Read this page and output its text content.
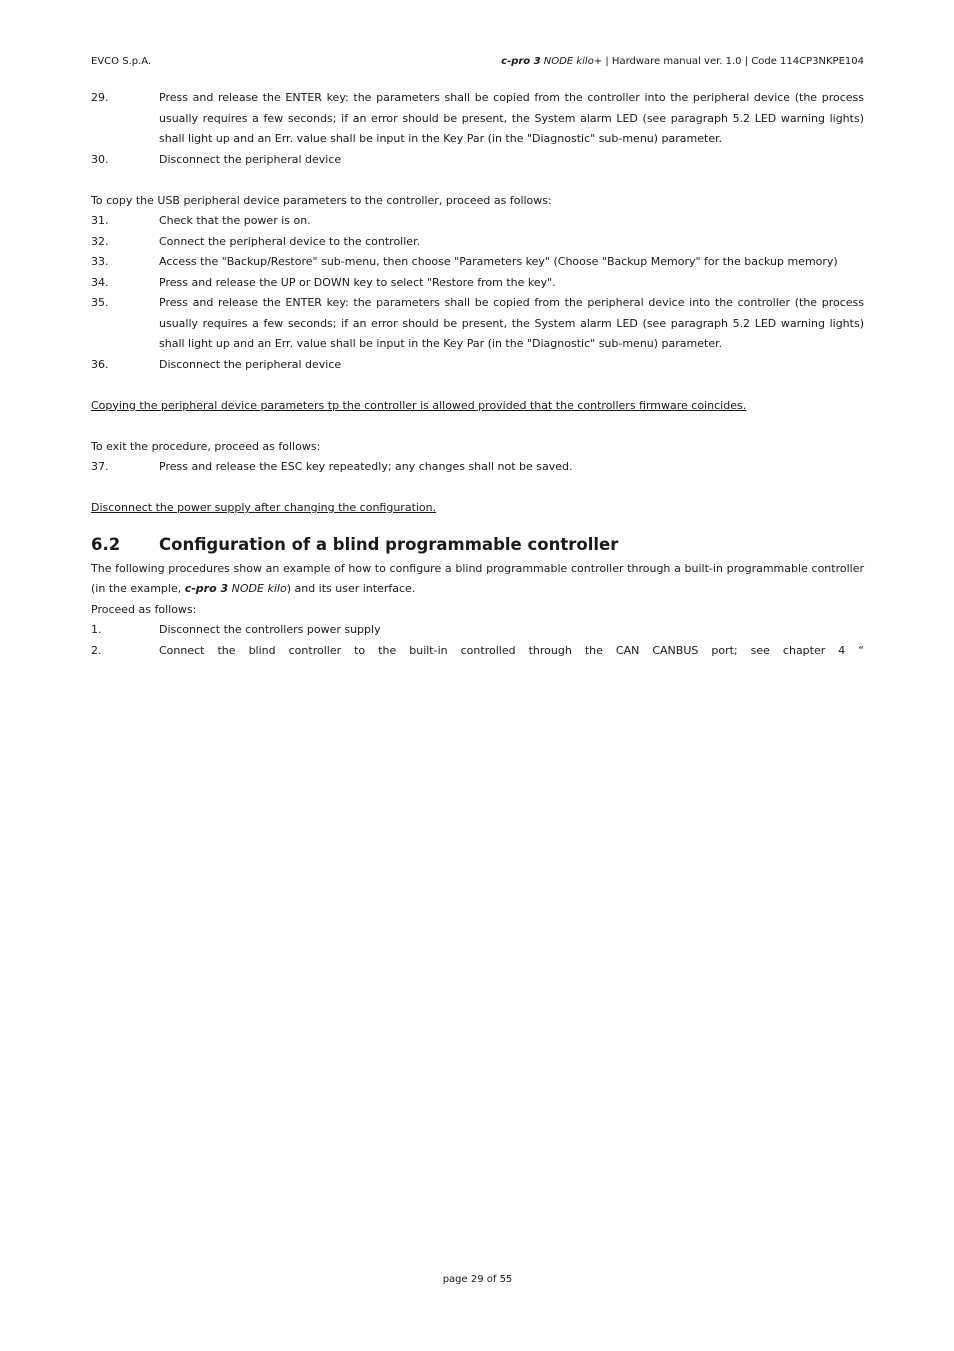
EVCO S.p.A.	c-pro 3 NODE kilo+ | Hardware manual ver. 1.0 | Code 114CP3NKPE104
29.	Press and release the ENTER key: the parameters shall be copied from the controller into the peripheral device (the process usually requires a few seconds; if an error should be present, the System alarm LED (see paragraph 5.2 LED warning lights) shall light up and an Err. value shall be input in the Key Par (in the "Diagnostic" sub-menu) parameter.
30.	Disconnect the peripheral device

To copy the USB peripheral device parameters to the controller, proceed as follows:

31.	Check that the power is on.
32.	Connect the peripheral device to the controller.
33.	Access the "Backup/Restore" sub-menu, then choose "Parameters key" (Choose "Backup Memory" for the backup memory)
34.	Press and release the UP or DOWN key to select "Restore from the key".
35.	Press and release the ENTER key: the parameters shall be copied from the peripheral device into the controller (the process usually requires a few seconds; if an error should be present, the System alarm LED (see paragraph 5.2 LED warning lights) shall light up and an Err. value shall be input in the Key Par (in the "Diagnostic" sub-menu) parameter.
36.	Disconnect the peripheral device

Copying the peripheral device parameters tp the controller is allowed provided that the controllers firmware coincides.

To exit the procedure, proceed as follows:

37.	Press and release the ESC key repeatedly; any changes shall not be saved.

Disconnect the power supply after changing the configuration.

6.2	Configuration of a blind programmable controller

The following procedures show an example of how to configure a blind programmable controller through a built-in programmable controller (in the example, c-pro 3 NODE kilo) and its user interface.

Proceed as follows:

1.	Disconnect the controllers power supply
2.	Connect the blind controller to the built-in controlled through the CAN CANBUS port; see chapter 4 “
page 29 of 55
